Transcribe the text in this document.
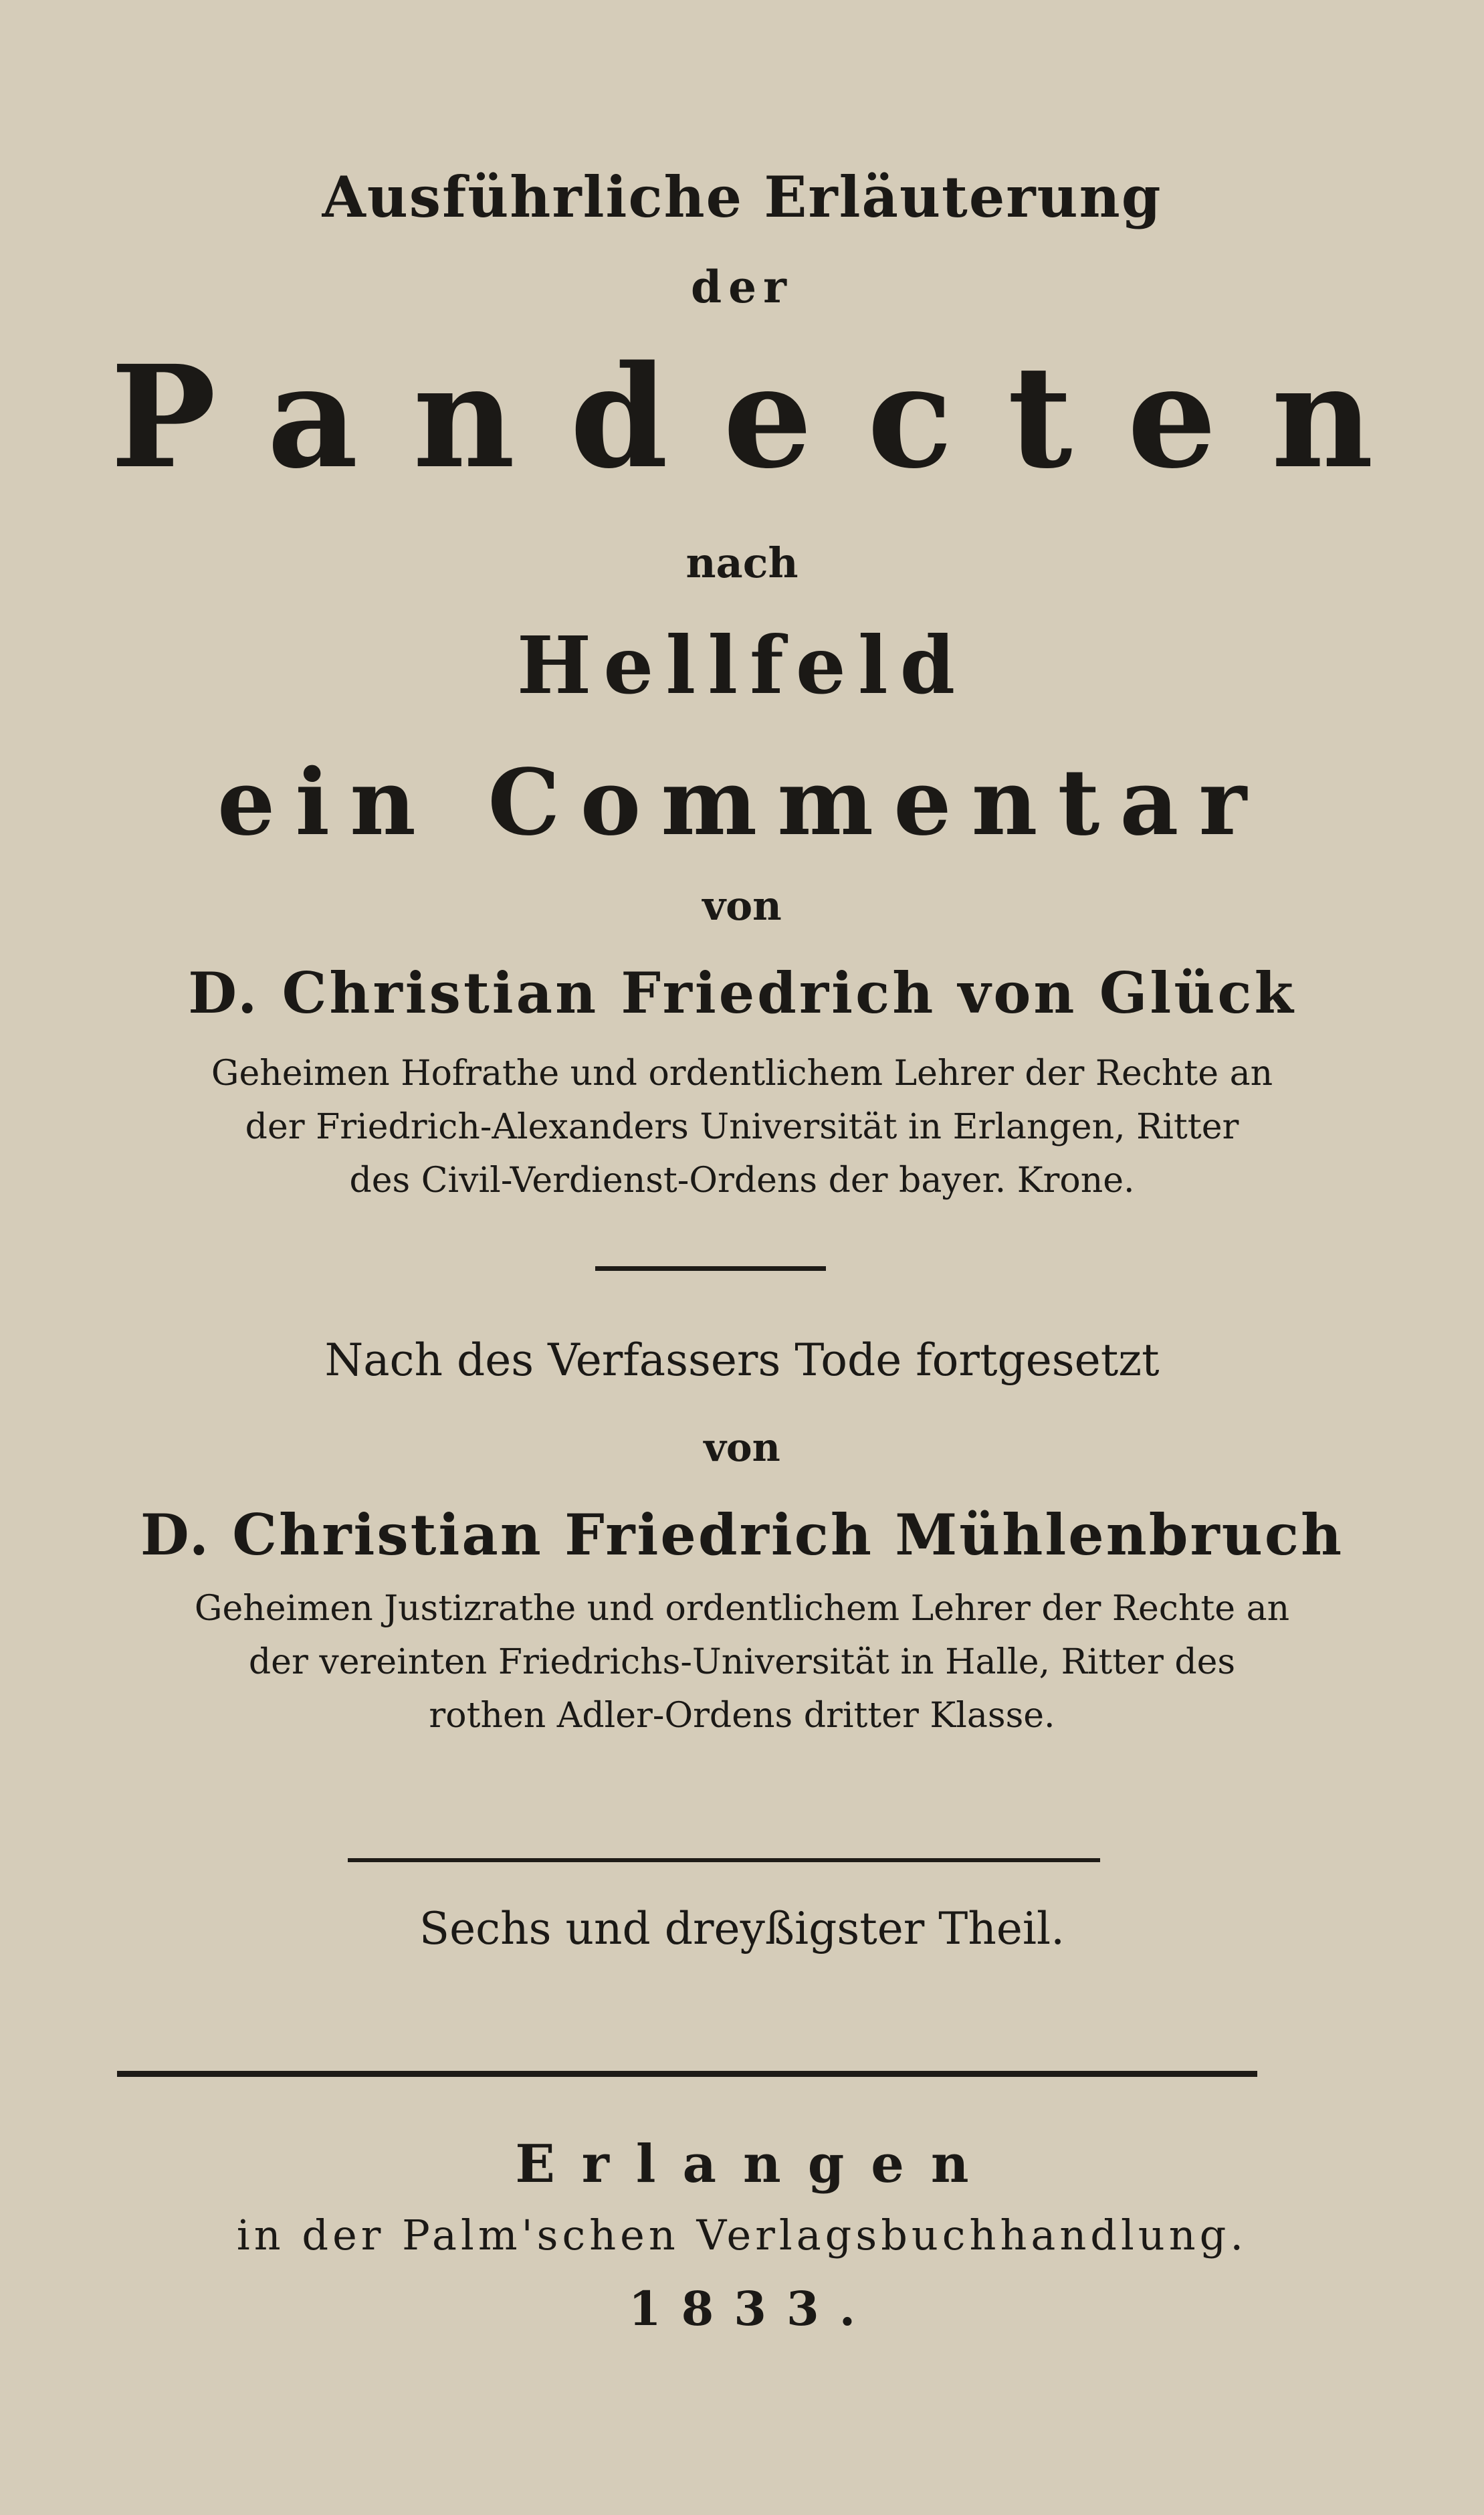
Ausführliche Erläuterung
der
Pandecten
nach
Hellfeld
ein Commentar
von
D. Christian Friedrich von Glück
Geheimen Hofrathe und ordentlichem Lehrer der Rechte an
der Friedrich-Alexanders Universität in Erlangen, Ritter
des Civil-Verdienst-Ordens der bayer. Krone.
Nach des Verfassers Tode fortgesetzt
von
D. Christian Friedrich Mühlenbruch
Geheimen Justizrathe und ordentlichem Lehrer der Rechte an
der vereinten Friedrichs-Universität in Halle, Ritter des
rothen Adler-Ordens dritter Klasse.
Sechs und dreyßigster Theil.
Erlangen
in der Palm'schen Verlagsbuchhandlung.
1833.
